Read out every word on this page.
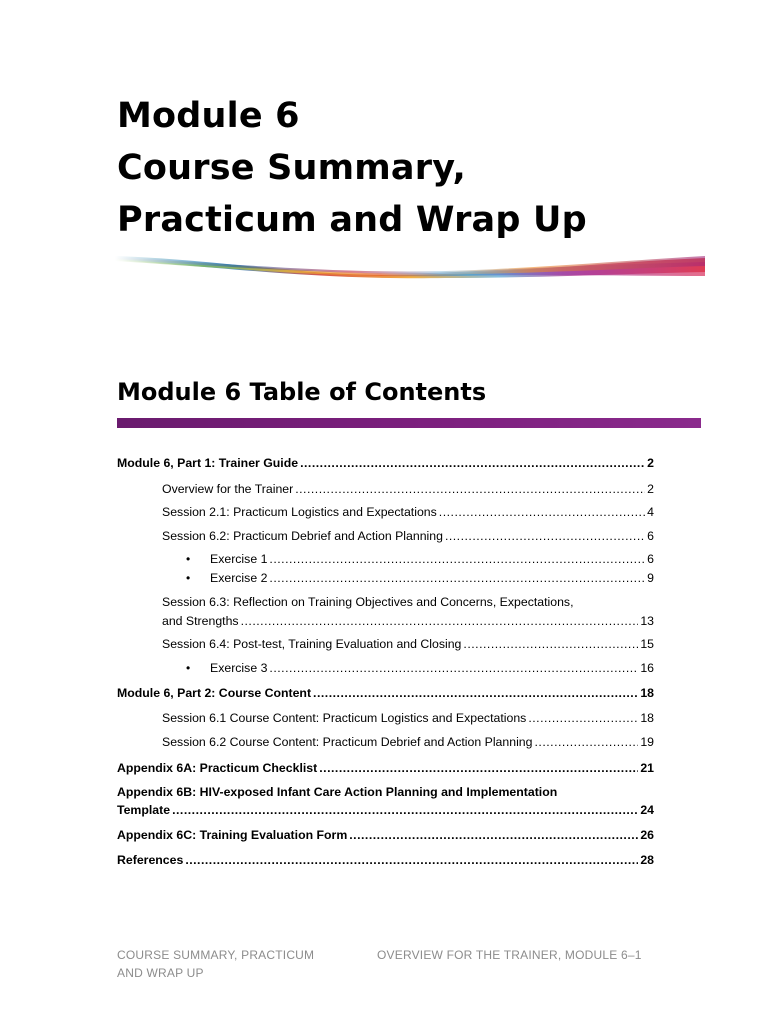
Module 6
Course Summary,
Practicum and Wrap Up
Module 6 Table of Contents
Module 6, Part 1: Trainer Guide .....	2
Overview for the Trainer .....	2
Session 2.1: Practicum Logistics and Expectations .....	4
Session 6.2: Practicum Debrief and Action Planning .....	6
• Exercise 1 .....	6
• Exercise 2 .....	9
Session 6.3: Reflection on Training Objectives and Concerns, Expectations,
and Strengths .....	13
Session 6.4: Post-test, Training Evaluation and Closing .....	15
• Exercise 3 .....	16
Module 6, Part 2: Course Content .....	18
Session 6.1 Course Content: Practicum Logistics and Expectations .....	18
Session 6.2 Course Content: Practicum Debrief and Action Planning .....	19
Appendix 6A: Practicum Checklist .....	21
Appendix 6B: HIV-exposed Infant Care Action Planning and Implementation
Template .....	24
Appendix 6C: Training Evaluation Form .....	26
References .....	28
COURSE SUMMARY, PRACTICUM
AND WRAP UP
OVERVIEW FOR THE TRAINER, MODULE 6–1
